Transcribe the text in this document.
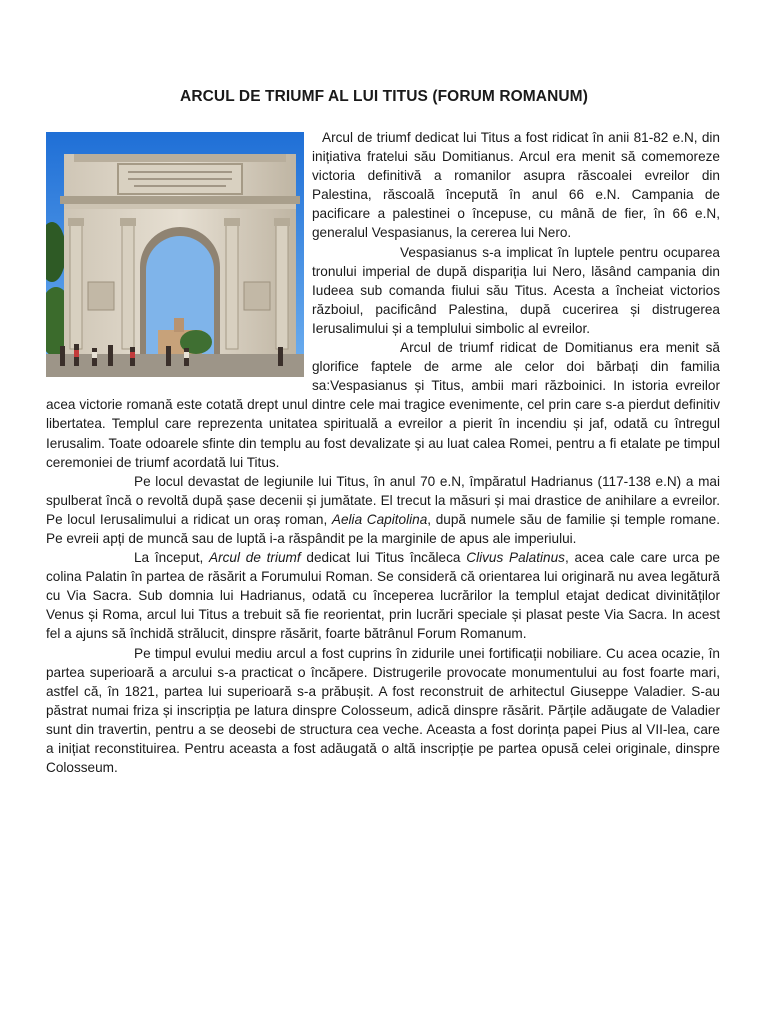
ARCUL DE TRIUMF AL LUI TITUS (FORUM ROMANUM)

Arcul de triumf dedicat lui Titus a fost ridicat în anii 81-82 e.N, din inițiativa fratelui său Domitianus. Arcul era menit să comemoreze victoria definitivă a romanilor asupra răscoalei evreilor din Palestina, răscoală începută în anul 66 e.N. Campania de pacificare a palestinei o începuse, cu mână de fier, în 66 e.N, generalul Vespasianus, la cererea lui Nero.

Vespasianus s-a implicat în luptele pentru ocuparea tronului imperial de după dispariția lui Nero, lăsând campania din Iudeea sub comanda fiului său Titus. Acesta a încheiat victorios războiul, pacificând Palestina, după cucerirea și distrugerea Ierusalimului și a templului simbolic al evreilor.

Arcul de triumf ridicat de Domitianus era menit să glorifice faptele de arme ale celor doi bărbați din familia sa:Vespasianus și Titus, ambii mari războinici. In istoria evreilor acea victorie romană este cotată drept unul dintre cele mai tragice evenimente, cel prin care s-a pierdut definitiv libertatea. Templul care reprezenta unitatea spirituală a evreilor a pierit în incendiu și jaf, odată cu întregul Ierusalim. Toate odoarele sfinte din templu au fost devalizate și au luat calea Romei, pentru a fi etalate pe timpul ceremoniei de triumf acordată lui Titus.

Pe locul devastat de legiunile lui Titus, în anul 70 e.N, împăratul Hadrianus (117-138 e.N) a mai spulberat încă o revoltă după șase decenii și jumătate. El trecut la măsuri și mai drastice de anihilare a evreilor. Pe locul Ierusalimului a ridicat un oraș roman, Aelia Capitolina, după numele său de familie și temple romane. Pe evreii apți de muncă sau de luptă i-a răspândit pe la marginile de apus ale imperiului.

La început, Arcul de triumf dedicat lui Titus încăleca Clivus Palatinus, acea cale care urca pe colina Palatin în partea de răsărit a Forumului Roman. Se consideră că orientarea lui originară nu avea legătură cu Via Sacra. Sub domnia lui Hadrianus, odată cu începerea lucrărilor la templul etajat dedicat divinităților Venus și Roma, arcul lui Titus a trebuit să fie reorientat, prin lucrări speciale și plasat peste Via Sacra. In acest fel a ajuns să închidă strălucit, dinspre răsărit, foarte bătrânul Forum Romanum.

Pe timpul evului mediu arcul a fost cuprins în zidurile unei fortificații nobiliare. Cu acea ocazie, în partea superioară a arcului s-a practicat o încăpere. Distrugerile provocate monumentului au fost foarte mari, astfel că, în 1821, partea lui superioară s-a prăbușit. A fost reconstruit de arhitectul Giuseppe Valadier. S-au păstrat numai friza și inscripția pe latura dinspre Colosseum, adică dinspre răsărit. Părțile adăugate de Valadier sunt din travertin, pentru a se deosebi de structura cea veche. Aceasta a fost dorința papei Pius al VII-lea, care a inițiat reconstituirea. Pentru aceasta a fost adăugată o altă inscripție pe partea opusă celei originale, dinspre Colosseum.
